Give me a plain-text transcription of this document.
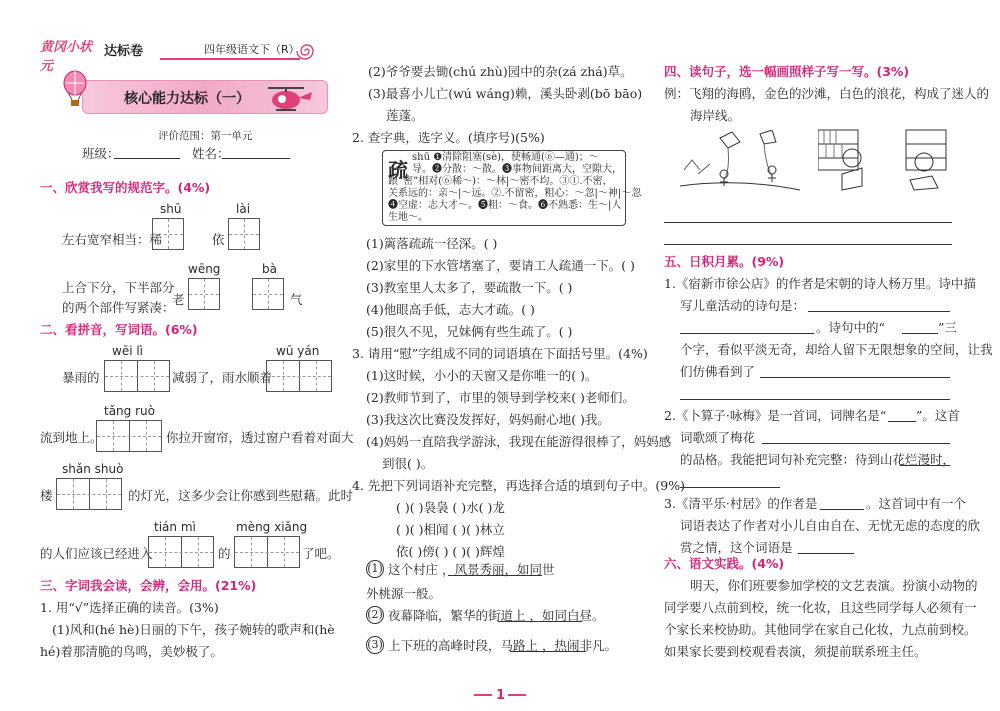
黄冈小状元
达标卷	四年级语文下（R）
核心能力达标（一）
评价范围：第一单元
班级：	姓名：
一、欣赏我写的规范字。(4%)
shū	lài
左右宽窄相当：稀	依
wēng	bà
上合下分，下半部分
的两个部件写紧凑：
老	气
二、看拼音，写词语。(6%)
wēi lì	wū yán
暴雨的	减弱了，雨水顺着
tǎng ruò
流到地上。	你拉开窗帘，透过窗户看着对面大
shǎn shuò
楼	的灯光，这多少会让你感到些慰藉。此时
tián mì	mèng xiǎng
的人们应该已经进入	的	了吧。
三、字词我会读，会辨，会用。(21%)
1. 用“√”选择正确的读音。(3%)
(1)风和(hé hè)日丽的下午，孩子婉转的歌声和(hè
hé)着那清脆的鸟鸣，美妙极了。
(2)爷爷要去锄(chú zhù)园中的杂(zá zhá)草。
(3)最喜小儿亡(wú wáng)赖，溪头卧剥(bō bāo)
莲蓬。
2. 查字典，选字义。(填序号)(5%)
疏
shū ❶清除阻塞(sè)，使畅通(⑥—通)；～
导。❷分散：～散。❸事物间距离大，空隙大，
跟“密”相对(⑥稀～)：～林|～密不均。③①.不密，
关系远的：亲～|～远。②.不留密，粗心：～忽|～神|～忽
❹空虚：志大才～。❺粗：～食。❻不熟悉：生～|人
生地～。
(1)篱落疏疏一径深。( )
(2)家里的下水管堵塞了，要请工人疏通一下。( )
(3)教室里人太多了，要疏散一下。( )
(4)他眼高手低，志大才疏。( )
(5)很久不见，兄妹俩有些生疏了。( )
3. 请用“慰”字组成不同的词语填在下面括号里。(4%)
(1)这时候，小小的天窗又是你唯一的( )。
(2)教师节到了，市里的领导到学校来( )老师们。
(3)我这次比赛没发挥好，妈妈耐心地( )我。
(4)妈妈一直陪我学游泳，我现在能游得很棒了，妈妈感
到很( )。
4. 先把下列词语补充完整，再选择合适的填到句子中。(9%)
( )( )袅袅 ( )水( )龙
( )( )相闻 ( )( )林立
依( )傍( ) ( )( )辉煌
(1) 这个村庄 ，风景秀丽，如同世
外桃源一般。
(2) 夜幕降临，繁华的街道上 ，如同白昼。
(3) 上下班的高峰时段，马路上 ，热闹非凡。
四、读句子，选一幅画照样子写一写。(3%)
例：飞翔的海鸥，金色的沙滩，白色的浪花，构成了迷人的
海岸线。
五、日积月累。(9%)
1.《宿新市徐公店》的作者是宋朝的诗人杨万里。诗中描
写儿童活动的诗句是：
。诗句中的“	”三
个字，看似平淡无奇，却给人留下无限想象的空间，让我
们仿佛看到了
2.《卜算子·咏梅》是一首词，词牌名是“ ”。这首
词歌颂了梅花
的品格。我能把词句补充完整：待到山花烂漫时，
3.《清平乐·村居》的作者是	。这首词中有一个
词语表达了作者对小儿自由自在、无忧无虑的态度的欣
赏之情，这个词语是
六、语文实践。(4%)
明天，你们班要参加学校的文艺表演。扮演小动物的
同学要八点前到校，统一化妆，且这些同学每人必须有一
个家长来校协助。其他同学在家自己化妆，九点前到校。
如果家长要到校观看表演，须提前联系班主任。
1
